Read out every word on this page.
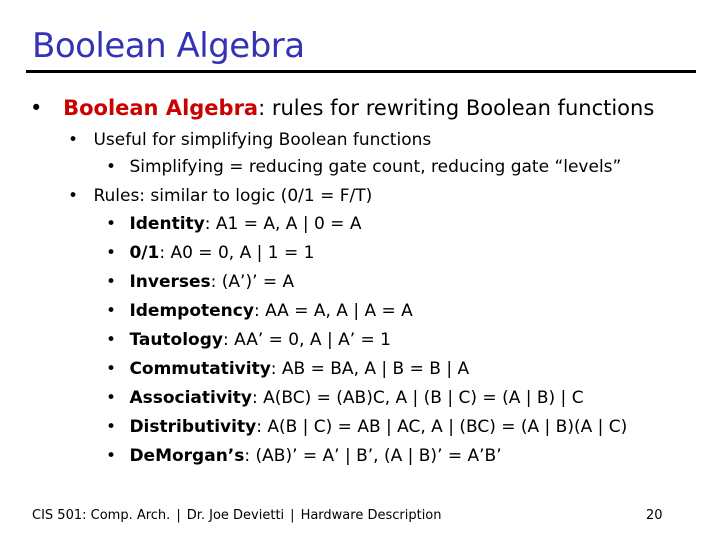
Boolean Algebra
• Boolean Algebra: rules for rewriting Boolean functions
• Useful for simplifying Boolean functions
• Simplifying = reducing gate count, reducing gate “levels”
• Rules: similar to logic (0/1 = F/T)
• Identity: A1 = A, A | 0 = A
• 0/1: A0 = 0, A | 1 = 1
• Inverses: (A’)’ = A
• Idempotency: AA = A, A | A = A
• Tautology: AA’ = 0, A | A’ = 1
• Commutativity: AB = BA, A | B = B | A
• Associativity: A(BC) = (AB)C, A | (B | C) = (A | B) | C
• Distributivity: A(B | C) = AB | AC, A | (BC) = (A | B)(A | C)
• DeMorgan’s: (AB)’ = A’ | B’, (A | B)’ = A’B’
CIS 501: Comp. Arch. | Dr. Joe Devietti | Hardware Description	20
